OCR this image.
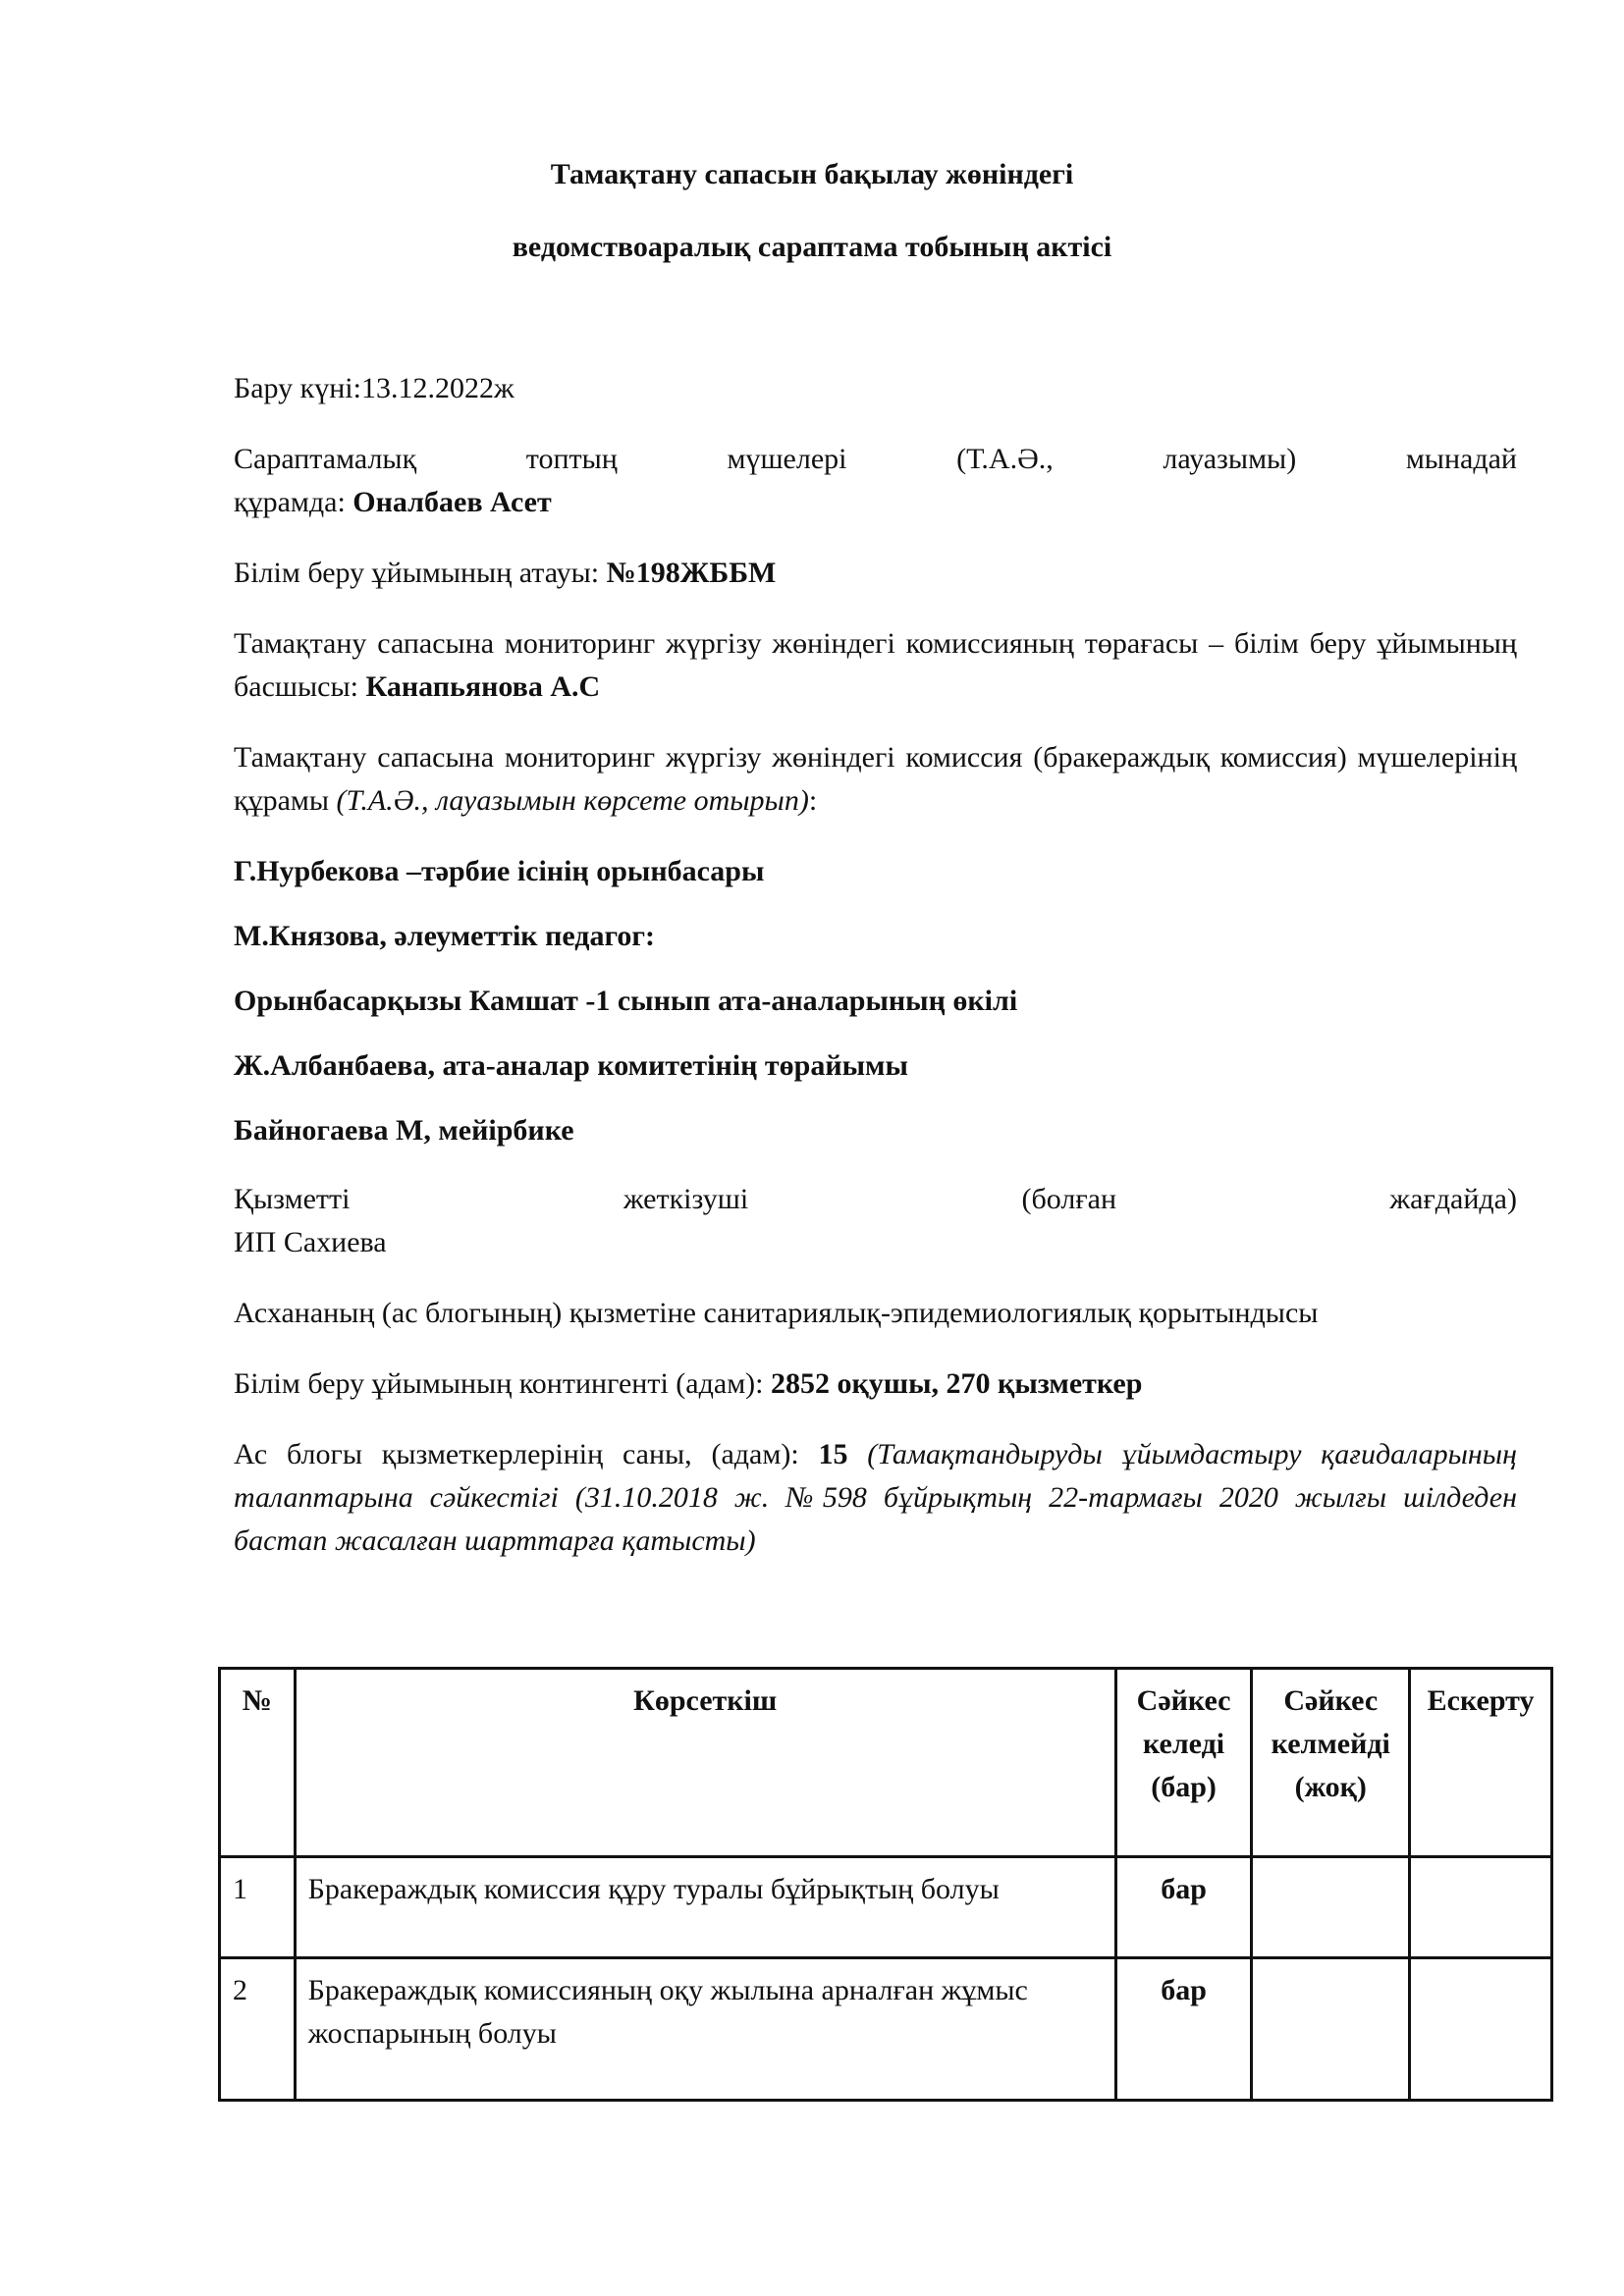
Тамақтану сапасын бақылау жөніндегі
ведомствоаралық сараптама тобының актісі
Бару күні:13.12.2022ж
Сараптамалық	топтың	мүшелері	(Т.А.Ә.,	лауазымы)	мынадай
құрамда: Оналбаев Асет
Білім беру ұйымының атауы: №198ЖББМ
Тамақтану сапасына мониторинг жүргізу жөніндегі комиссияның төрағасы – білім беру ұйымының басшысы: Канапьянова А.С
Тамақтану сапасына мониторинг жүргізу жөніндегі комиссия (бракераждық комиссия) мүшелерінің құрамы (Т.А.Ә., лауазымын көрсете отырып):
Г.Нурбекова –тәрбие ісінің орынбасары
М.Князова, әлеуметтік педагог:
Орынбасарқызы Камшат -1 сынып ата-аналарының өкілі
Ж.Албанбаева, ата-аналар комитетінің төрайымы
Байногаева М, мейірбике
Қызметті	жеткізуші	(болған	жағдайда)
ИП Сахиева
Асхананың (ас блогының) қызметіне санитариялық-эпидемиологиялық қорытындысы
Білім беру ұйымының контингенті (адам): 2852 оқушы, 270 қызметкер
Ас блогы қызметкерлерінің саны, (адам): 15 (Тамақтандыруды ұйымдастыру қағидаларының талаптарына сәйкестігі (31.10.2018 ж. №598 бұйрықтың 22-тармағы 2020 жылғы шілдеден бастап жасалған шарттарға қатысты)
№	Көрсеткіш	Сәйкес келеді (бар)	Сәйкес келмейді (жоқ)	Ескерту
1	Бракераждық комиссия құру туралы бұйрықтың болуы	бар		
2	Бракераждық комиссияның оқу жылына арналған жұмыс жоспарының болуы	бар		
